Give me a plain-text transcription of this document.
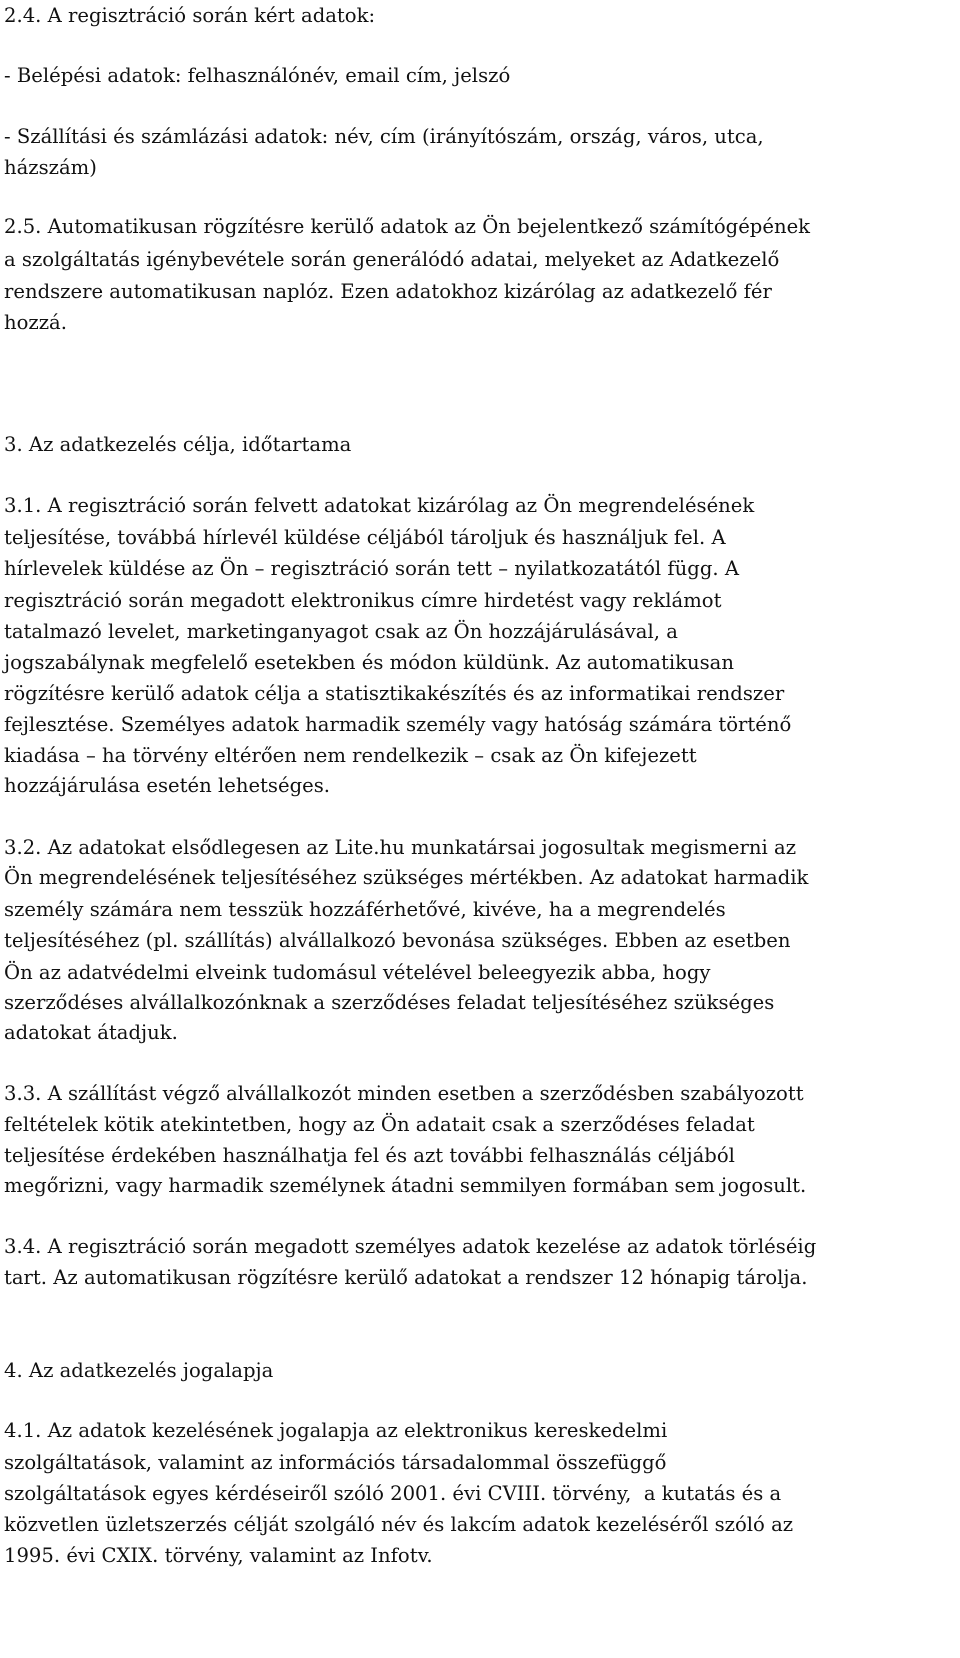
2.4. A regisztráció során kért adatok:
- Belépési adatok: felhasználónév, email cím, jelszó
- Szállítási és számlázási adatok: név, cím (irányítószám, ország, város, utca,
házszám)
2.5. Automatikusan rögzítésre kerülő adatok az Ön bejelentkező számítógépének
a szolgáltatás igénybevétele során generálódó adatai, melyeket az Adatkezelő
rendszere automatikusan naplóz. Ezen adatokhoz kizárólag az adatkezelő fér
hozzá.
3. Az adatkezelés célja, időtartama
3.1. A regisztráció során felvett adatokat kizárólag az Ön megrendelésének
teljesítése, továbbá hírlevél küldése céljából tároljuk és használjuk fel. A
hírlevelek küldése az Ön – regisztráció során tett – nyilatkozatától függ. A
regisztráció során megadott elektronikus címre hirdetést vagy reklámot
tatalmazó levelet, marketinganyagot csak az Ön hozzájárulásával, a
jogszabálynak megfelelő esetekben és módon küldünk. Az automatikusan
rögzítésre kerülő adatok célja a statisztikakészítés és az informatikai rendszer
fejlesztése. Személyes adatok harmadik személy vagy hatóság számára történő
kiadása – ha törvény eltérően nem rendelkezik – csak az Ön kifejezett
hozzájárulása esetén lehetséges.
3.2. Az adatokat elsődlegesen az Lite.hu munkatársai jogosultak megismerni az
Ön megrendelésének teljesítéséhez szükséges mértékben. Az adatokat harmadik
személy számára nem tesszük hozzáférhetővé, kivéve, ha a megrendelés
teljesítéséhez (pl. szállítás) alvállalkozó bevonása szükséges. Ebben az esetben
Ön az adatvédelmi elveink tudomásul vételével beleegyezik abba, hogy
szerződéses alvállalkozónknak a szerződéses feladat teljesítéséhez szükséges
adatokat átadjuk.
3.3. A szállítást végző alvállalkozót minden esetben a szerződésben szabályozott
feltételek kötik atekintetben, hogy az Ön adatait csak a szerződéses feladat
teljesítése érdekében használhatja fel és azt további felhasználás céljából
megőrizni, vagy harmadik személynek átadni semmilyen formában sem jogosult.
3.4. A regisztráció során megadott személyes adatok kezelése az adatok törléséig
tart. Az automatikusan rögzítésre kerülő adatokat a rendszer 12 hónapig tárolja.
4. Az adatkezelés jogalapja
4.1. Az adatok kezelésének jogalapja az elektronikus kereskedelmi
szolgáltatások, valamint az információs társadalommal összefüggő
szolgáltatások egyes kérdéseiről szóló 2001. évi CVIII. törvény,  a kutatás és a
közvetlen üzletszerzés célját szolgáló név és lakcím adatok kezeléséről szóló az
1995. évi CXIX. törvény, valamint az Infotv.
